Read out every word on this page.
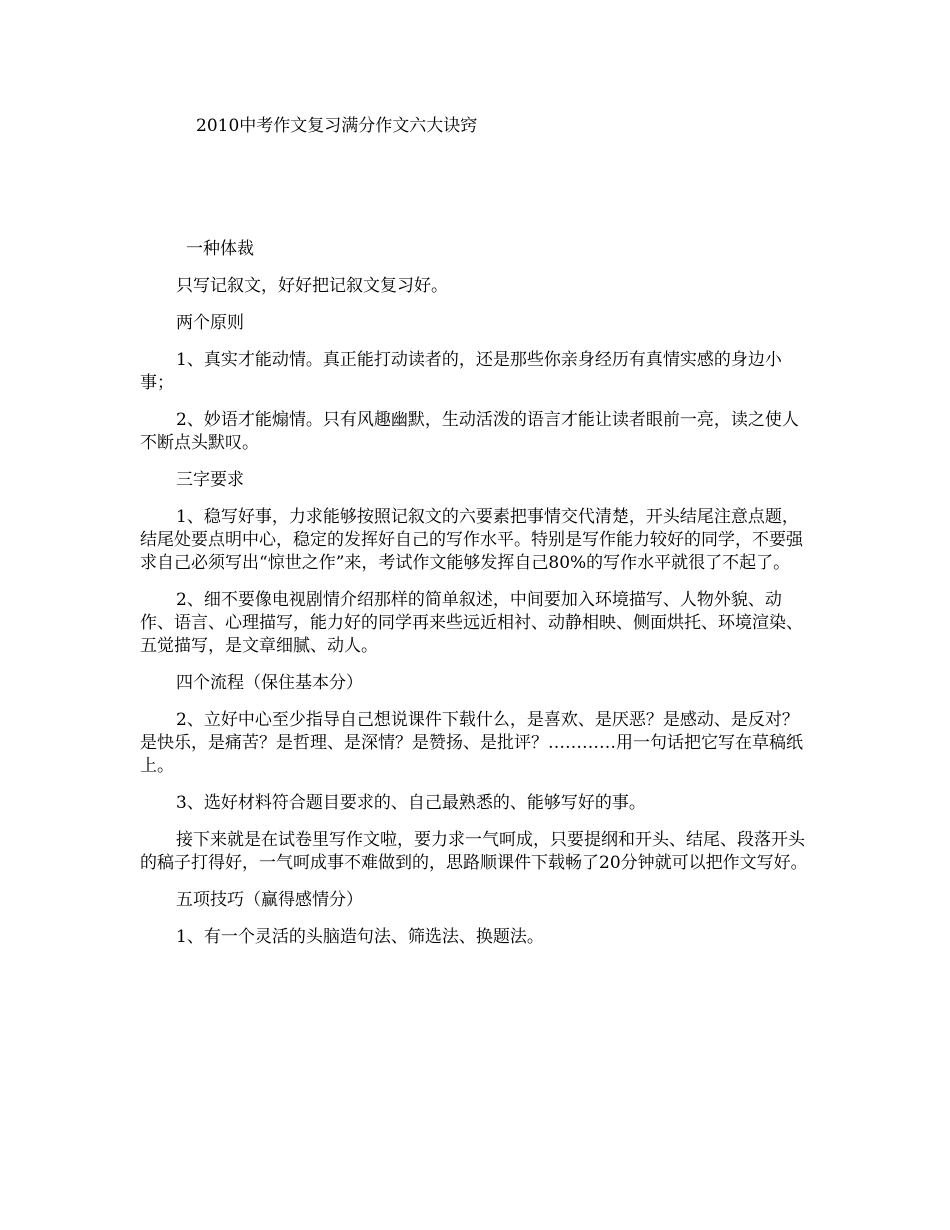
2010中考作文复习满分作文六大诀窍

一种体裁

只写记叙文，好好把记叙文复习好。

两个原则

1、真实才能动情。真正能打动读者的，还是那些你亲身经历有真情实感的身边小事；

2、妙语才能煽情。只有风趣幽默，生动活泼的语言才能让读者眼前一亮，读之使人不断点头默叹。

三字要求

1、稳写好事，力求能够按照记叙文的六要素把事情交代清楚，开头结尾注意点题，结尾处要点明中心，稳定的发挥好自己的写作水平。特别是写作能力较好的同学，不要强求自己必须写出“惊世之作”来，考试作文能够发挥自己80%的写作水平就很了不起了。

2、细不要像电视剧情介绍那样的简单叙述，中间要加入环境描写、人物外貌、动作、语言、心理描写，能力好的同学再来些远近相衬、动静相映、侧面烘托、环境渲染、五觉描写，是文章细腻、动人。

四个流程（保住基本分）

2、立好中心至少指导自己想说课件下载什么，是喜欢、是厌恶？是感动、是反对？是快乐，是痛苦？是哲理、是深情？是赞扬、是批评？…………用一句话把它写在草稿纸上。

3、选好材料符合题目要求的、自己最熟悉的、能够写好的事。

接下来就是在试卷里写作文啦，要力求一气呵成，只要提纲和开头、结尾、段落开头的稿子打得好，一气呵成事不难做到的，思路顺课件下载畅了20分钟就可以把作文写好。

五项技巧（赢得感情分）

1、有一个灵活的头脑造句法、筛选法、换题法。
